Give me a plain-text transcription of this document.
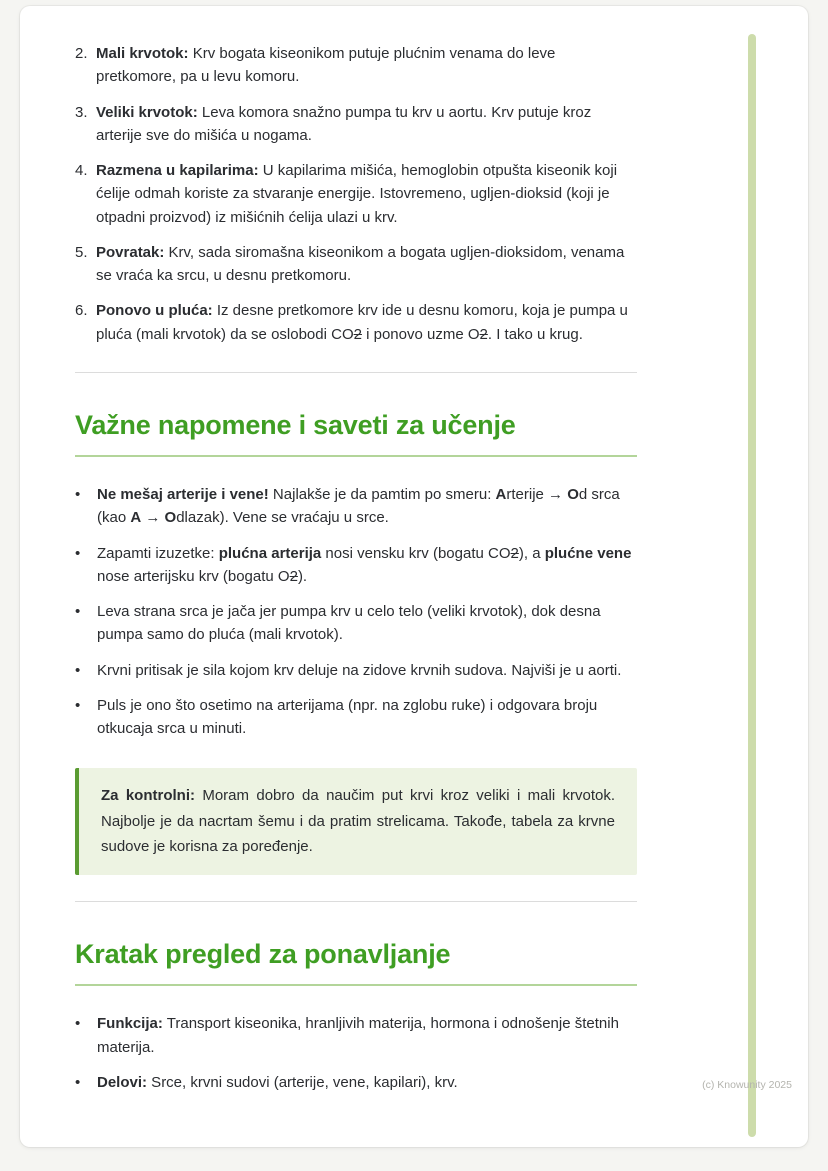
2. Mali krvotok: Krv bogata kiseonikom putuje plućnim venama do leve pretkomore, pa u levu komoru.
3. Veliki krvotok: Leva komora snažno pumpa tu krv u aortu. Krv putuje kroz arterije sve do mišića u nogama.
4. Razmena u kapilarima: U kapilarima mišića, hemoglobin otpušta kiseonik koji ćelije odmah koriste za stvaranje energije. Istovremeno, ugljen-dioksid (koji je otpadni proizvod) iz mišićnih ćelija ulazi u krv.
5. Povratak: Krv, sada siromašna kiseonikom a bogata ugljen-dioksidom, venama se vraća ka srcu, u desnu pretkomoru.
6. Ponovo u pluća: Iz desne pretkomore krv ide u desnu komoru, koja je pumpa u pluća (mali krvotok) da se oslobodi CO2 i ponovo uzme O2. I tako u krug.
Važne napomene i saveti za učenje
•	Ne mešaj arterije i vene! Najlakše je da pamtim po smeru: Arterije → Od srca (kao A → Odlazak). Vene se vraćaju u srce.
•	Zapamti izuzetke: plućna arterija nosi vensku krv (bogatu CO2), a plućne vene nose arterijsku krv (bogatu O2).
•	Leva strana srca je jača jer pumpa krv u celo telo (veliki krvotok), dok desna pumpa samo do pluća (mali krvotok).
•	Krvni pritisak je sila kojom krv deluje na zidove krvnih sudova. Najviši je u aorti.
•	Puls je ono što osetimo na arterijama (npr. na zglobu ruke) i odgovara broju otkucaja srca u minuti.

Za kontrolni: Moram dobro da naučim put krvi kroz veliki i mali krvotok. Najbolje je da nacrtam šemu i da pratim strelicama. Takođe, tabela za krvne sudove je korisna za poređenje.

Kratak pregled za ponavljanje
•	Funkcija: Transport kiseonika, hranljivih materija, hormona i odnošenje štetnih materija.
•	Delovi: Srce, krvni sudovi (arterije, vene, kapilari), krv.	(c) Knowunity 2025
